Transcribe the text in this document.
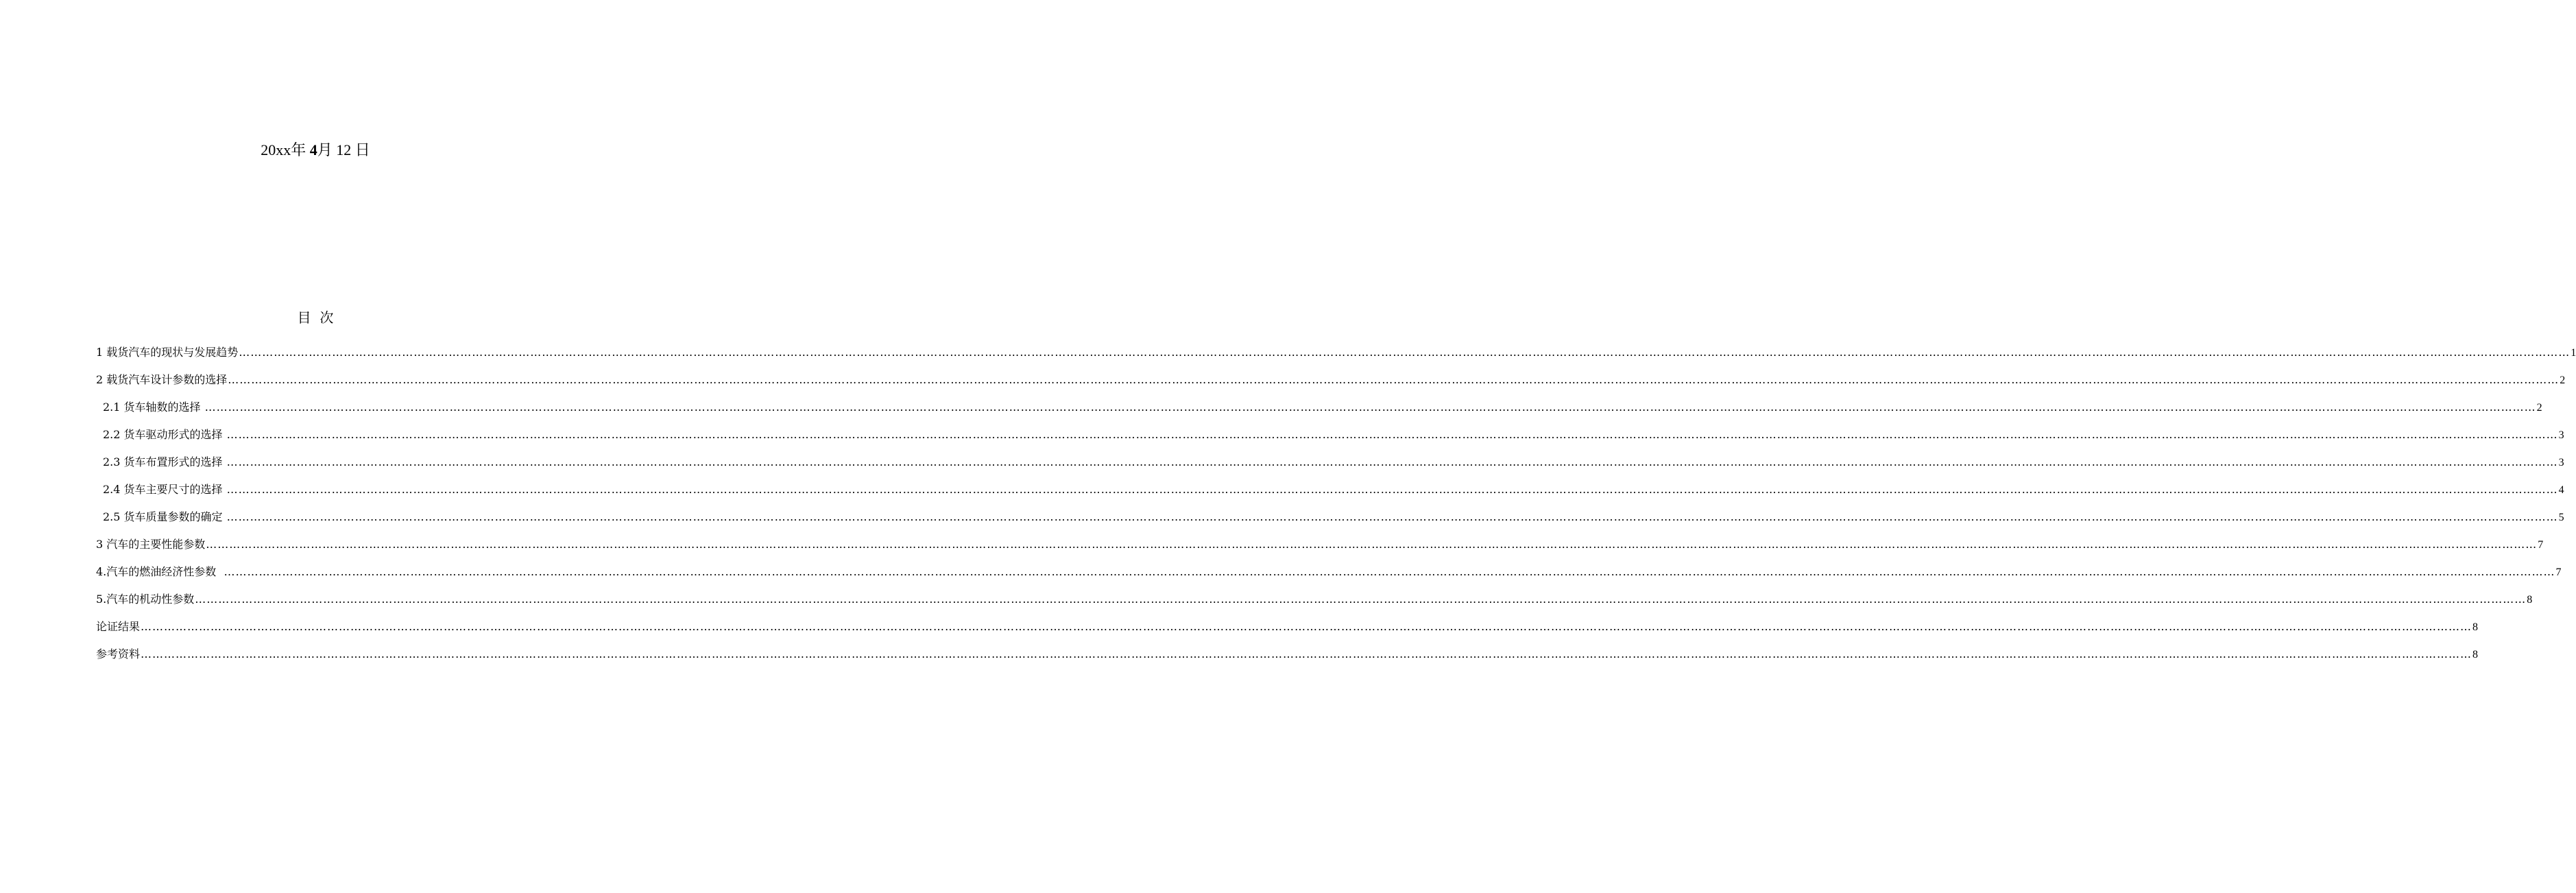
20xx年 4月 12 日
目  次
1 载货汽车的现状与发展趋势 …………………………………………………………………………………………………………………………………………………………………………………………………………………………………………………………………………………………………………………………………………………………………………………………………………………………………………………………………………………………………………………………………………………… 1
2 载货汽车设计参数的选择 …………………………………………………………………………………………………………………………………………………………………………………………………………………………………………………………………………………………………………………………………………………………………………………………………………………………………………………………………………………………………………………………………………………… 2
2.1 货车轴数的选择 …………………………………………………………………………………………………………………………………………………………………………………………………………………………………………………………………………………………………………………………………………………………………………………………………………………………………………………………………………………………………………………………………………………… 2
2.2 货车驱动形式的选择 …………………………………………………………………………………………………………………………………………………………………………………………………………………………………………………………………………………………………………………………………………………………………………………………………………………………………………………………………………………………………………………………………………………… 3
2.3 货车布置形式的选择 …………………………………………………………………………………………………………………………………………………………………………………………………………………………………………………………………………………………………………………………………………………………………………………………………………………………………………………………………………………………………………………………………………………… 3
2.4 货车主要尺寸的选择 …………………………………………………………………………………………………………………………………………………………………………………………………………………………………………………………………………………………………………………………………………………………………………………………………………………………………………………………………………………………………………………………………………………… 4
2.5 货车质量参数的确定 …………………………………………………………………………………………………………………………………………………………………………………………………………………………………………………………………………………………………………………………………………………………………………………………………………………………………………………………………………………………………………………………………………………… 5
3 汽车的主要性能参数 …………………………………………………………………………………………………………………………………………………………………………………………………………………………………………………………………………………………………………………………………………………………………………………………………………………………………………………………………………………………………………………………………………………… 7
4.汽车的燃油经济性参数 …………………………………………………………………………………………………………………………………………………………………………………………………………………………………………………………………………………………………………………………………………………………………………………………………………………………………………………………………………………………………………………………………………………… 7
5.汽车的机动性参数 …………………………………………………………………………………………………………………………………………………………………………………………………………………………………………………………………………………………………………………………………………………………………………………………………………………………………………………………………………………………………………………………………………………… 8
论证结果 …………………………………………………………………………………………………………………………………………………………………………………………………………………………………………………………………………………………………………………………………………………………………………………………………………………………………………………………………………………………………………………………………………………… 8
参考资料 …………………………………………………………………………………………………………………………………………………………………………………………………………………………………………………………………………………………………………………………………………………………………………………………………………………………………………………………………………………………………………………………………………………… 8
